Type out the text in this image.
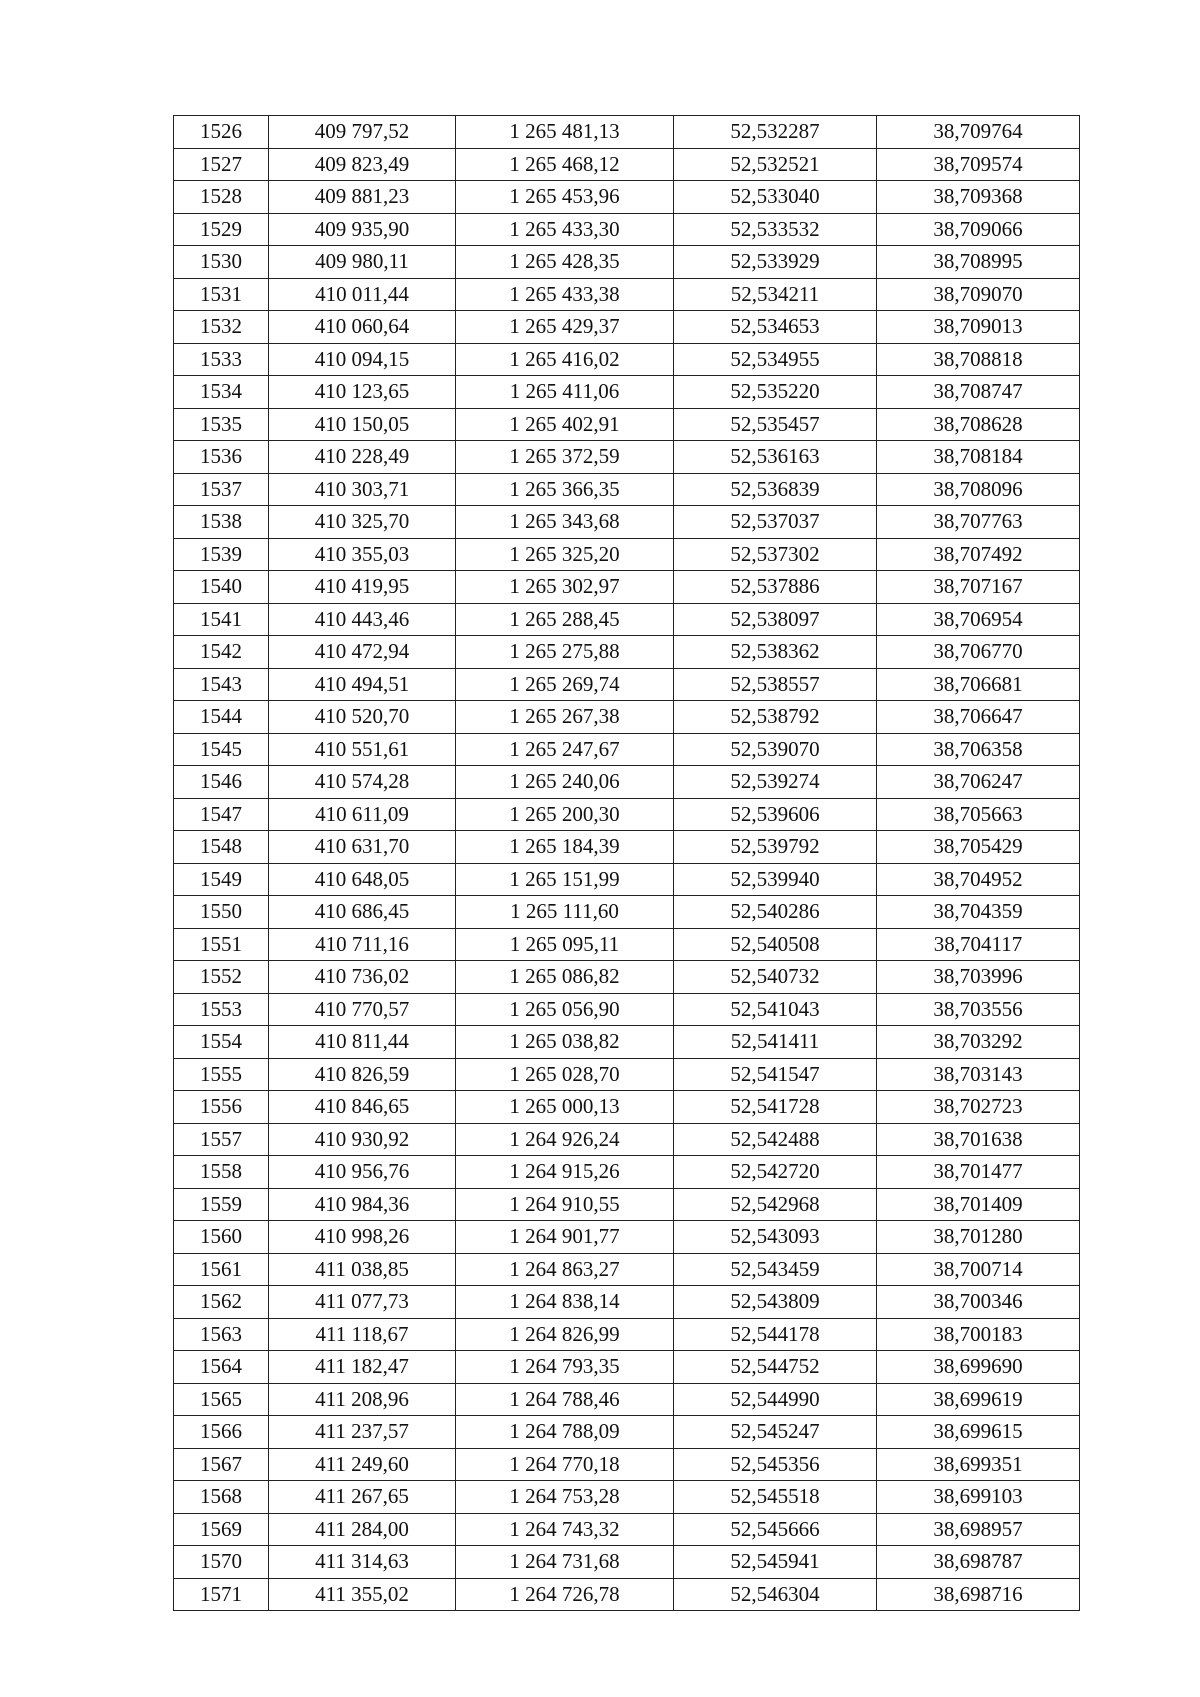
1526	409 797,52	1 265 481,13	52,532287	38,709764
1527	409 823,49	1 265 468,12	52,532521	38,709574
1528	409 881,23	1 265 453,96	52,533040	38,709368
1529	409 935,90	1 265 433,30	52,533532	38,709066
1530	409 980,11	1 265 428,35	52,533929	38,708995
1531	410 011,44	1 265 433,38	52,534211	38,709070
1532	410 060,64	1 265 429,37	52,534653	38,709013
1533	410 094,15	1 265 416,02	52,534955	38,708818
1534	410 123,65	1 265 411,06	52,535220	38,708747
1535	410 150,05	1 265 402,91	52,535457	38,708628
1536	410 228,49	1 265 372,59	52,536163	38,708184
1537	410 303,71	1 265 366,35	52,536839	38,708096
1538	410 325,70	1 265 343,68	52,537037	38,707763
1539	410 355,03	1 265 325,20	52,537302	38,707492
1540	410 419,95	1 265 302,97	52,537886	38,707167
1541	410 443,46	1 265 288,45	52,538097	38,706954
1542	410 472,94	1 265 275,88	52,538362	38,706770
1543	410 494,51	1 265 269,74	52,538557	38,706681
1544	410 520,70	1 265 267,38	52,538792	38,706647
1545	410 551,61	1 265 247,67	52,539070	38,706358
1546	410 574,28	1 265 240,06	52,539274	38,706247
1547	410 611,09	1 265 200,30	52,539606	38,705663
1548	410 631,70	1 265 184,39	52,539792	38,705429
1549	410 648,05	1 265 151,99	52,539940	38,704952
1550	410 686,45	1 265 111,60	52,540286	38,704359
1551	410 711,16	1 265 095,11	52,540508	38,704117
1552	410 736,02	1 265 086,82	52,540732	38,703996
1553	410 770,57	1 265 056,90	52,541043	38,703556
1554	410 811,44	1 265 038,82	52,541411	38,703292
1555	410 826,59	1 265 028,70	52,541547	38,703143
1556	410 846,65	1 265 000,13	52,541728	38,702723
1557	410 930,92	1 264 926,24	52,542488	38,701638
1558	410 956,76	1 264 915,26	52,542720	38,701477
1559	410 984,36	1 264 910,55	52,542968	38,701409
1560	410 998,26	1 264 901,77	52,543093	38,701280
1561	411 038,85	1 264 863,27	52,543459	38,700714
1562	411 077,73	1 264 838,14	52,543809	38,700346
1563	411 118,67	1 264 826,99	52,544178	38,700183
1564	411 182,47	1 264 793,35	52,544752	38,699690
1565	411 208,96	1 264 788,46	52,544990	38,699619
1566	411 237,57	1 264 788,09	52,545247	38,699615
1567	411 249,60	1 264 770,18	52,545356	38,699351
1568	411 267,65	1 264 753,28	52,545518	38,699103
1569	411 284,00	1 264 743,32	52,545666	38,698957
1570	411 314,63	1 264 731,68	52,545941	38,698787
1571	411 355,02	1 264 726,78	52,546304	38,698716
